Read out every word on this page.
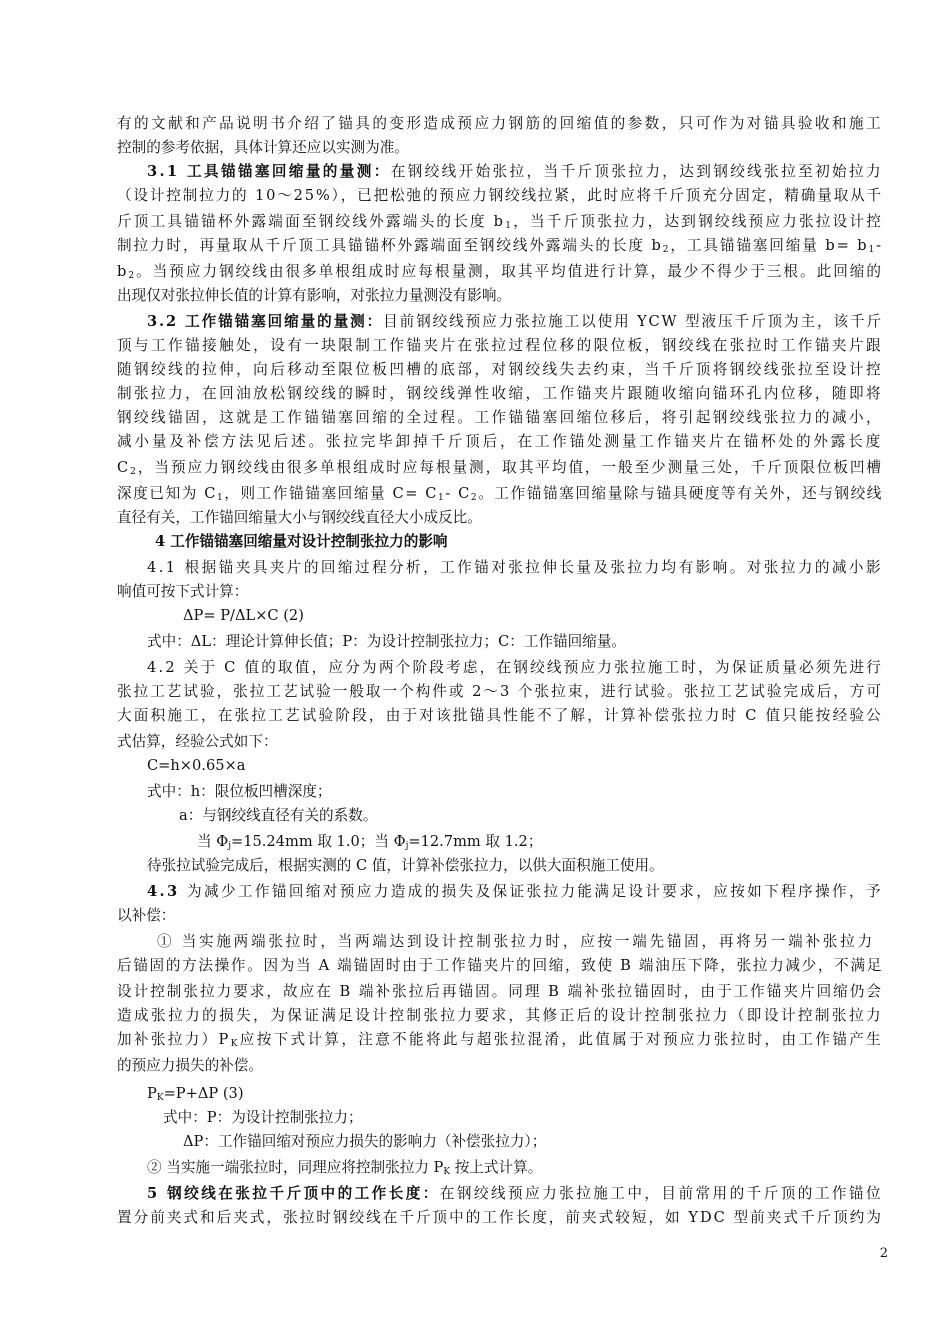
有的文献和产品说明书介绍了锚具的变形造成预应力钢筋的回缩值的参数，只可作为对锚具验收和施工
控制的参考依据，具体计算还应以实测为准。
3.1 工具锚锚塞回缩量的量测：在钢绞线开始张拉，当千斤顶张拉力，达到钢绞线张拉至初始拉力
（设计控制拉力的 10～25%），已把松弛的预应力钢绞线拉紧，此时应将千斤顶充分固定，精确量取从千
斤顶工具锚锚杯外露端面至钢绞线外露端头的长度 $b_1$，当千斤顶张拉力，达到钢绞线预应力张拉设计控
制拉力时，再量取从千斤顶工具锚锚杯外露端面至钢绞线外露端头的长度 $b_2$，工具锚锚塞回缩量 $b= b_1-$
$b_2$。当预应力钢绞线由很多单根组成时应每根量测，取其平均值进行计算，最少不得少于三根。此回缩的
出现仅对张拉伸长值的计算有影响，对张拉力量测没有影响。
3.2 工作锚锚塞回缩量的量测：目前钢绞线预应力张拉施工以使用 YCW 型液压千斤顶为主，该千斤
顶与工作锚接触处，设有一块限制工作锚夹片在张拉过程位移的限位板，钢绞线在张拉时工作锚夹片跟
随钢绞线的拉伸，向后移动至限位板凹槽的底部，对钢绞线失去约束，当千斤顶将钢绞线张拉至设计控
制张拉力，在回油放松钢绞线的瞬时，钢绞线弹性收缩，工作锚夹片跟随收缩向锚环孔内位移，随即将
钢绞线锚固，这就是工作锚锚塞回缩的全过程。工作锚锚塞回缩位移后，将引起钢绞线张拉力的减小，
减小量及补偿方法见后述。张拉完毕卸掉千斤顶后，在工作锚处测量工作锚夹片在锚杯处的外露长度
$C_2$，当预应力钢绞线由很多单根组成时应每根量测，取其平均值，一般至少测量三处，千斤顶限位板凹槽
深度已知为 $C_1$，则工作锚锚塞回缩量 $C= C_1-$ $C_2$。工作锚锚塞回缩量除与锚具硬度等有关外，还与钢绞线
直径有关，工作锚回缩量大小与钢绞线直径大小成反比。
4 工作锚锚塞回缩量对设计控制张拉力的影响
4.1 根据锚夹具夹片的回缩过程分析，工作锚对张拉伸长量及张拉力均有影响。对张拉力的减小影
响值可按下式计算：
ΔP= P/ΔL×C (2)
式中：ΔL：理论计算伸长值；P：为设计控制张拉力；C：工作锚回缩量。
4.2 关于 C 值的取值，应分为两个阶段考虑，在钢绞线预应力张拉施工时，为保证质量必须先进行
张拉工艺试验，张拉工艺试验一般取一个构件或 2～3 个张拉束，进行试验。张拉工艺试验完成后，方可
大面积施工，在张拉工艺试验阶段，由于对该批锚具性能不了解，计算补偿张拉力时 C 值只能按经验公
式估算，经验公式如下：
C=h×0.65×a
式中：h：限位板凹槽深度；
a：与钢绞线直径有关的系数。
当 $\Phi_j=15.24mm$ 取 1.0；当 $\Phi_j=12.7mm$ 取 1.2；
待张拉试验完成后，根据实测的 C 值，计算补偿张拉力，以供大面积施工使用。
4.3 为减少工作锚回缩对预应力造成的损失及保证张拉力能满足设计要求，应按如下程序操作，予
以补偿：
① 当实施两端张拉时，当两端达到设计控制张拉力时，应按一端先锚固，再将另一端补张拉力
后锚固的方法操作。因为当 A 端锚固时由于工作锚夹片的回缩，致使 B 端油压下降，张拉力减少，不满足
设计控制张拉力要求，故应在 B 端补张拉后再锚固。同理 B 端补张拉锚固时，由于工作锚夹片回缩仍会
造成张拉力的损失，为保证满足设计控制张拉力要求，其修正后的设计控制张拉力（即设计控制张拉力
加补张拉力）$P_K$应按下式计算，注意不能将此与超张拉混淆，此值属于对预应力张拉时，由工作锚产生
的预应力损失的补偿。
$P_K=P+\Delta P$ (3)
式中：P：为设计控制张拉力；
ΔP：工作锚回缩对预应力损失的影响力（补偿张拉力）；
② 当实施一端张拉时，同理应将控制张拉力 $P_K$ 按上式计算。
5 钢绞线在张拉千斤顶中的工作长度：在钢绞线预应力张拉施工中，目前常用的千斤顶的工作锚位
置分前夹式和后夹式，张拉时钢绞线在千斤顶中的工作长度，前夹式较短，如 YDC 型前夹式千斤顶约为
2
